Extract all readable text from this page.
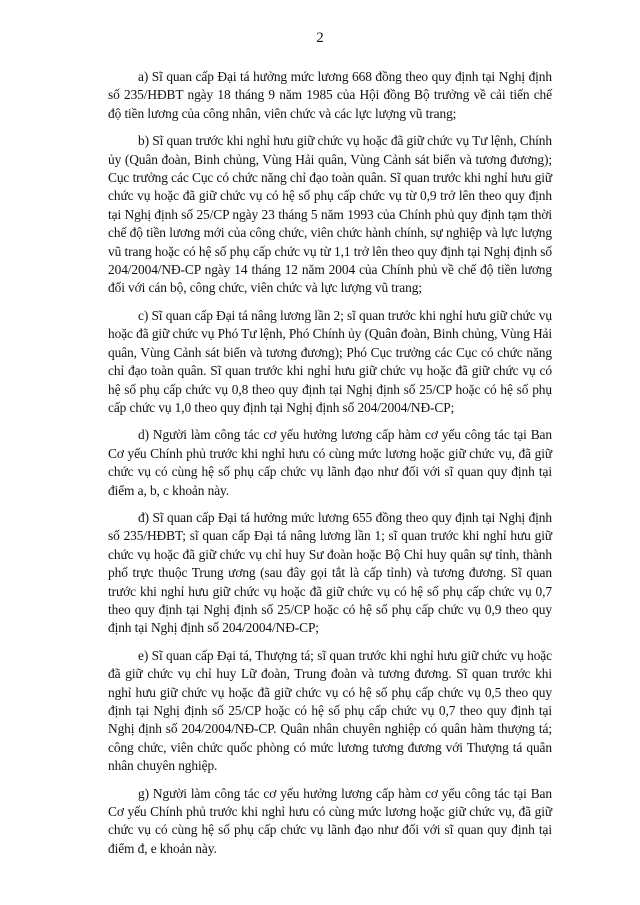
2

a) Sĩ quan cấp Đại tá hưởng mức lương 668 đồng theo quy định tại Nghị định số 235/HĐBT ngày 18 tháng 9 năm 1985 của Hội đồng Bộ trưởng về cải tiến chế độ tiền lương của công nhân, viên chức và các lực lượng vũ trang;

b) Sĩ quan trước khi nghỉ hưu giữ chức vụ hoặc đã giữ chức vụ Tư lệnh, Chính ủy (Quân đoàn, Binh chủng, Vùng Hải quân, Vùng Cảnh sát biển và tương đương); Cục trưởng các Cục có chức năng chỉ đạo toàn quân. Sĩ quan trước khi nghỉ hưu giữ chức vụ hoặc đã giữ chức vụ có hệ số phụ cấp chức vụ từ 0,9 trở lên theo quy định tại Nghị định số 25/CP ngày 23 tháng 5 năm 1993 của Chính phủ quy định tạm thời chế độ tiền lương mới của công chức, viên chức hành chính, sự nghiệp và lực lượng vũ trang hoặc có hệ số phụ cấp chức vụ từ 1,1 trở lên theo quy định tại Nghị định số 204/2004/NĐ-CP ngày 14 tháng 12 năm 2004 của Chính phủ về chế độ tiền lương đối với cán bộ, công chức, viên chức và lực lượng vũ trang;

c) Sĩ quan cấp Đại tá nâng lương lần 2; sĩ quan trước khi nghỉ hưu giữ chức vụ hoặc đã giữ chức vụ Phó Tư lệnh, Phó Chính ủy (Quân đoàn, Binh chủng, Vùng Hải quân, Vùng Cảnh sát biển và tương đương); Phó Cục trưởng các Cục có chức năng chỉ đạo toàn quân. Sĩ quan trước khi nghỉ hưu giữ chức vụ hoặc đã giữ chức vụ có hệ số phụ cấp chức vụ 0,8 theo quy định tại Nghị định số 25/CP hoặc có hệ số phụ cấp chức vụ 1,0 theo quy định tại Nghị định số 204/2004/NĐ-CP;

d) Người làm công tác cơ yếu hưởng lương cấp hàm cơ yếu công tác tại Ban Cơ yếu Chính phủ trước khi nghỉ hưu có cùng mức lương hoặc giữ chức vụ, đã giữ chức vụ có cùng hệ số phụ cấp chức vụ lãnh đạo như đối với sĩ quan quy định tại điểm a, b, c khoản này.

đ) Sĩ quan cấp Đại tá hưởng mức lương 655 đồng theo quy định tại Nghị định số 235/HĐBT; sĩ quan cấp Đại tá nâng lương lần 1; sĩ quan trước khi nghỉ hưu giữ chức vụ hoặc đã giữ chức vụ chỉ huy Sư đoàn hoặc Bộ Chỉ huy quân sự tỉnh, thành phố trực thuộc Trung ương (sau đây gọi tắt là cấp tỉnh) và tương đương. Sĩ quan trước khi nghỉ hưu giữ chức vụ hoặc đã giữ chức vụ có hệ số phụ cấp chức vụ 0,7 theo quy định tại Nghị định số 25/CP hoặc có hệ số phụ cấp chức vụ 0,9 theo quy định tại Nghị định số 204/2004/NĐ-CP;

e) Sĩ quan cấp Đại tá, Thượng tá; sĩ quan trước khi nghỉ hưu giữ chức vụ hoặc đã giữ chức vụ chỉ huy Lữ đoàn, Trung đoàn và tương đương. Sĩ quan trước khi nghỉ hưu giữ chức vụ hoặc đã giữ chức vụ có hệ số phụ cấp chức vụ 0,5 theo quy định tại Nghị định số 25/CP hoặc có hệ số phụ cấp chức vụ 0,7 theo quy định tại Nghị định số 204/2004/NĐ-CP. Quân nhân chuyên nghiệp có quân hàm thượng tá; công chức, viên chức quốc phòng có mức lương tương đương với Thượng tá quân nhân chuyên nghiệp.

g) Người làm công tác cơ yếu hưởng lương cấp hàm cơ yếu công tác tại Ban Cơ yếu Chính phủ trước khi nghỉ hưu có cùng mức lương hoặc giữ chức vụ, đã giữ chức vụ có cùng hệ số phụ cấp chức vụ lãnh đạo như đối với sĩ quan quy định tại điểm đ, e khoản này.
